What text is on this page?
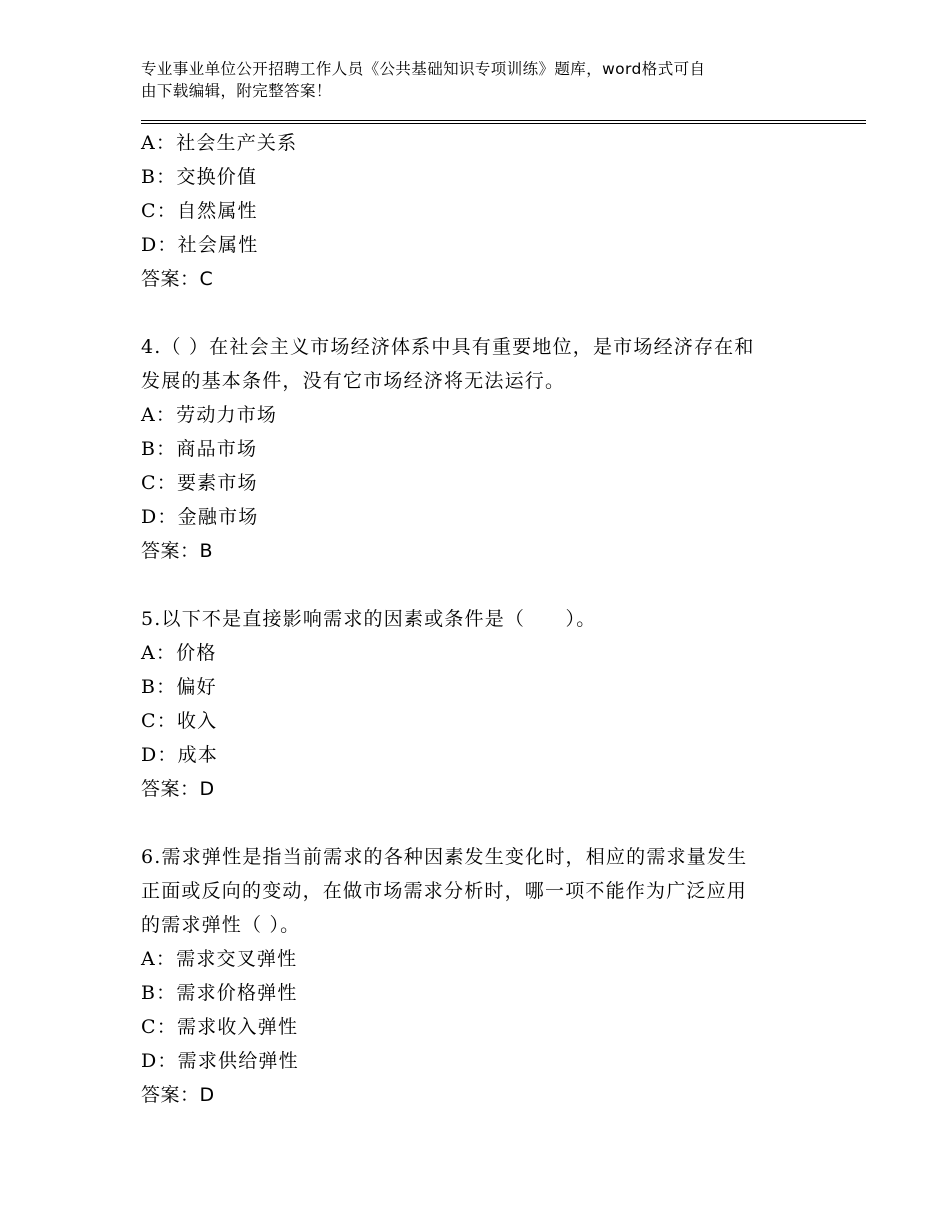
专业事业单位公开招聘工作人员《公共基础知识专项训练》题库，word格式可自
由下载编辑，附完整答案！
A：社会生产关系
B：交换价值
C：自然属性
D：社会属性
答案：C
4.（ ）在社会主义市场经济体系中具有重要地位，是市场经济存在和
发展的基本条件，没有它市场经济将无法运行。
A：劳动力市场
B：商品市场
C：要素市场
D：金融市场
答案：B
5.以下不是直接影响需求的因素或条件是（　　）。
A：价格
B：偏好
C：收入
D：成本
答案：D
6.需求弹性是指当前需求的各种因素发生变化时，相应的需求量发生
正面或反向的变动，在做市场需求分析时，哪一项不能作为广泛应用
的需求弹性（ ）。
A：需求交叉弹性
B：需求价格弹性
C：需求收入弹性
D：需求供给弹性
答案：D
